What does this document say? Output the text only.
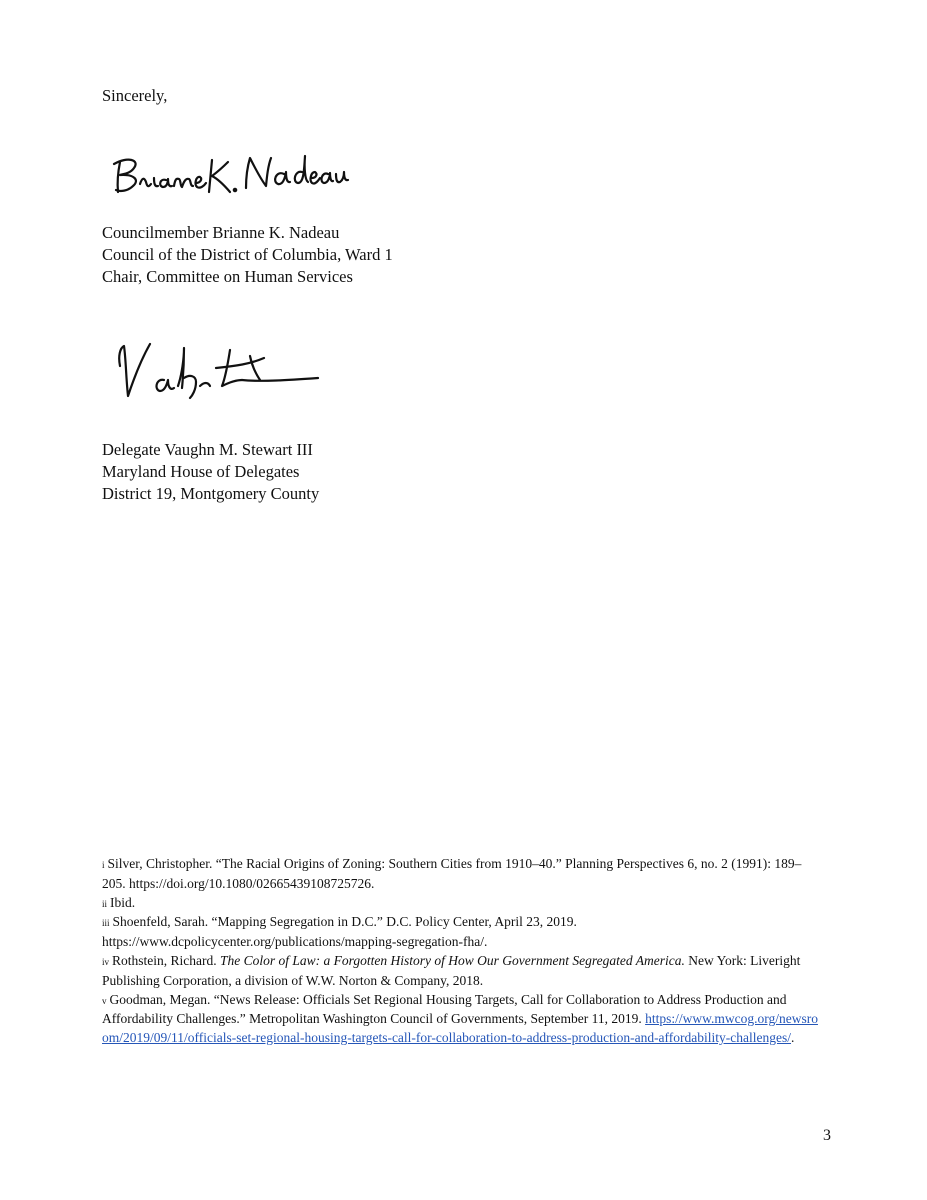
Sincerely,
Councilmember Brianne K. Nadeau
Council of the District of Columbia, Ward 1
Chair, Committee on Human Services
Delegate Vaughn M. Stewart III
Maryland House of Delegates
District 19, Montgomery County
i Silver, Christopher. “The Racial Origins of Zoning: Southern Cities from 1910–40.” Planning Perspectives 6, no. 2 (1991): 189–205. https://doi.org/10.1080/02665439108725726.
ii Ibid.
iii Shoenfeld, Sarah. “Mapping Segregation in D.C.” D.C. Policy Center, April 23, 2019. https://www.dcpolicycenter.org/publications/mapping-segregation-fha/.
iv Rothstein, Richard. The Color of Law: a Forgotten History of How Our Government Segregated America. New York: Liveright Publishing Corporation, a division of W.W. Norton & Company, 2018.
v Goodman, Megan. “News Release: Officials Set Regional Housing Targets, Call for Collaboration to Address Production and Affordability Challenges.” Metropolitan Washington Council of Governments, September 11, 2019. https://www.mwcog.org/newsroom/2019/09/11/officials-set-regional-housing-targets-call-for-collaboration-to-address-production-and-affordability-challenges/.
3
